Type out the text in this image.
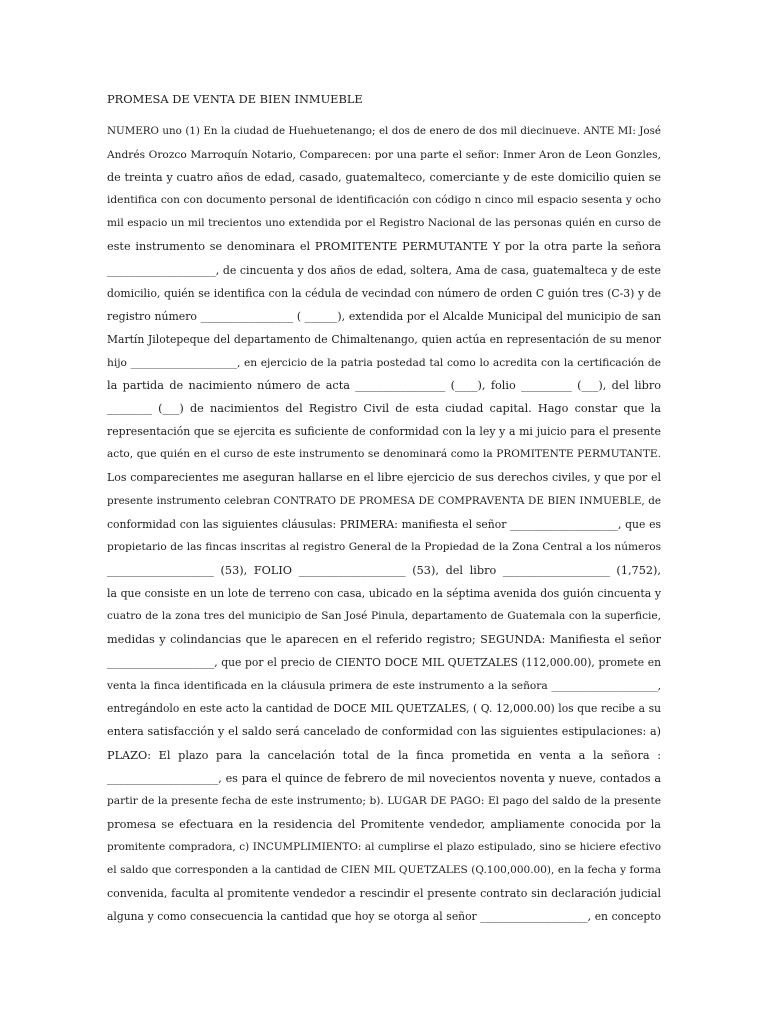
PROMESA DE VENTA DE BIEN INMUEBLE
NUMERO uno (1) En la ciudad de Huehuetenango; el dos de enero de dos mil diecinueve. ANTE MI: José
Andrés Orozco Marroquín Notario, Comparecen: por una parte el señor: Inmer Aron de Leon Gonzles,
de treinta y cuatro años de edad, casado, guatemalteco, comerciante y de este domicilio quien se
identifica con con documento personal de identificación con código n cinco mil espacio sesenta y ocho
mil espacio un mil trecientos uno extendida por el Registro Nacional de las personas quién en curso de
este instrumento se denominara el PROMITENTE PERMUTANTE Y por la otra parte la señora
____________________, de cincuenta y dos años de edad, soltera, Ama de casa, guatemalteca y de este
domicilio, quién se identifica con la cédula de vecindad con número de orden C guión tres (C-3) y de
registro número _________________ ( ______), extendida por el Alcalde Municipal del municipio de san
Martín Jilotepeque del departamento de Chimaltenango, quien actúa en representación de su menor
hijo ____________________, en ejercicio de la patria postedad tal como lo acredita con la certificación de
la partida de nacimiento número de acta ________________ (____), folio _________ (___), del libro
________ (___) de nacimientos del Registro Civil de esta ciudad capital. Hago constar que la
representación que se ejercita es suficiente de conformidad con la ley y a mi juicio para el presente
acto, que quién en el curso de este instrumento se denominará como la PROMITENTE PERMUTANTE.
Los comparecientes me aseguran hallarse en el libre ejercicio de sus derechos civiles, y que por el
presente instrumento celebran CONTRATO DE PROMESA DE COMPRAVENTA DE BIEN INMUEBLE, de
conformidad con las siguientes cláusulas: PRIMERA: manifiesta el señor ____________________, que es
propietario de las fincas inscritas al registro General de la Propiedad de la Zona Central a los números
___________________ (53), FOLIO ___________________ (53), del libro ___________________ (1,752),
la que consiste en un lote de terreno con casa, ubicado en la séptima avenida dos guión cincuenta y
cuatro de la zona tres del municipio de San José Pinula, departamento de Guatemala con la superficie,
medidas y colindancias que le aparecen en el referido registro; SEGUNDA: Manifiesta el señor
____________________, que por el precio de CIENTO DOCE MIL QUETZALES (112,000.00), promete en
venta la finca identificada en la cláusula primera de este instrumento a la señora ____________________,
entregándolo en este acto la cantidad de DOCE MIL QUETZALES, ( Q. 12,000.00) los que recibe a su
entera satisfacción y el saldo será cancelado de conformidad con las siguientes estipulaciones: a)
PLAZO: El plazo para la cancelación total de la finca prometida en venta a la señora :
____________________, es para el quince de febrero de mil novecientos noventa y nueve, contados a
partir de la presente fecha de este instrumento; b). LUGAR DE PAGO: El pago del saldo de la presente
promesa se efectuara en la residencia del Promitente vendedor, ampliamente conocida por la
promitente compradora, c) INCUMPLIMIENTO: al cumplirse el plazo estipulado, sino se hiciere efectivo
el saldo que corresponden a la cantidad de CIEN MIL QUETZALES (Q.100,000.00), en la fecha y forma
convenida, faculta al promitente vendedor a rescindir el presente contrato sin declaración judicial
alguna y como consecuencia la cantidad que hoy se otorga al señor ____________________, en concepto
